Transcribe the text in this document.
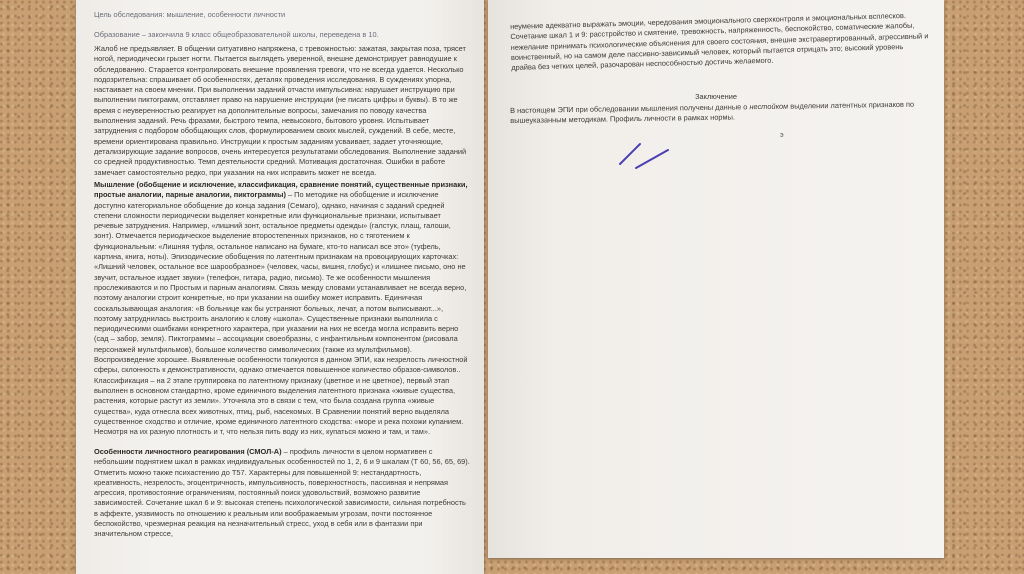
Цель обследования: мышление, особенности личности

Образование – закончила 9 класс общеобразовательной школы, переведена в 10.

Жалоб не предъявляет. В общении ситуативно напряжена, с тревожностью: зажатая, закрытая поза, трясет ногой, периодически грызет ногти. Пытается выглядеть уверенной, внешне демонстрирует равнодушие к обследованию. Старается контролировать внешние проявления тревоги, что не всегда удается. Несколько подозрительна: спрашивает об особенностях, деталях проведения исследования. В суждениях упорна, настаивает на своем мнении. При выполнении заданий отчасти импульсивна: нарушает инструкцию при выполнении пиктограмм, отставляет право на нарушение инструкции (не писать цифры и буквы). В то же время с неуверенностью реагирует на дополнительные вопросы, замечания по поводу качества выполнения заданий. Речь фразами, быстрого темпа, невысокого, бытового уровня. Испытывает затруднения с подбором обобщающих слов, формулированием своих мыслей, суждений. В себе, месте, времени ориентирована правильно. Инструкции к простым заданиям усваивает, задает уточняющие, детализирующие задание вопросов, очень интересуется результатами обследования. Выполнение заданий со средней продуктивностью. Темп деятельности средний. Мотивация достаточная. Ошибки в работе замечает самостоятельно редко, при указании на них исправить может не всегда.

Мышление (обобщение и исключение, классификация, сравнение понятий, существенные признаки, простые аналогии, парные аналогии, пиктограммы) – По методике на обобщение и исключение доступно категориальное обобщение до конца задания (Семаго), однако, начиная с заданий средней степени сложности периодически выделяет конкретные или функциональные признаки, испытывает речевые затруднения. Например, «лишний зонт, остальное предметы одежды» (галстук, плащ, галоши, зонт). Отмечается периодическое выделение второстепенных признаков, но с тяготением к функциональным: «Лишняя туфля, остальное написано на бумаге, кто-то написал все это» (туфель, картина, книга, ноты). Эпизодические обобщения по латентным признакам на провоцирующих карточках: «Лишний человек, остальное все шарообразное» (человек, часы, вишня, глобус) и «лишнее письмо, оно не звучит, остальное издает звуки» (телефон, гитара, радио, письмо). Те же особенности мышления прослеживаются и по Простым и парным аналогиям. Связь между словами устанавливает не всегда верно, поэтому аналогии строит конкретные, но при указании на ошибку может исправить. Единичная соскальзывающая аналогия: «В больнице как бы устраняют больных, лечат, а потом выписывают...», поэтому затруднилась выстроить аналогию к слову «школа». Существенные признаки выполнила с периодическими ошибками конкретного характера, при указании на них не всегда могла исправить верно (сад – забор, земля). Пиктограммы – ассоциации своеобразны, с инфантильным компонентом (рисовала персонажей мультфильмов), большое количество символических (также из мультфильмов). Воспроизведение хорошее. Выявленные особенности толкуются в данном ЭПИ, как незрелость личностной сферы, склонность к демонстративности, однако отмечается повышенное количество образов-символов.. Классификация – на 2 этапе группировка по латентному признаку (цветное и не цветное), первый этап выполнен в основном стандартно, кроме единичного выделения латентного признака «живые существа, растения, которые растут из земли». Уточняла это в связи с тем, что была создана группа «живые существа», куда отнесла всех животных, птиц, рыб, насекомых. В Сравнении понятий верно выделяла существенное сходство и отличие, кроме единичного латентного сходства: «море и река похожи купанием. Несмотря на их разную плотность и т, что нельзя пить воду из них, купаться можно и там, и там».

Особенности личностного реагирования (СМОЛ-А) – профиль личности в целом нормативен с небольшим поднятием шкал в рамках индивидуальных особенностей по 1, 2, 6 и 9 шкалам (Т 60, 56, 65, 69). Отметить можно также психастению до Т57. Характерны для повышенной 9: нестандартность, креативность, незрелость, эгоцентричность, импульсивность, поверхностность, пассивная и непрямая агрессия, противостояние ограничениям, постоянный поиск удовольствий, возможно развитие зависимостей. Сочетание шкал 6 и 9: высокая степень психологической зависимости, сильная потребность в аффекте, уязвимость по отношению к реальным или воображаемым угрозам, почти постоянное беспокойство, чрезмерная реакция на незначительный стресс, уход в себя или в фантазии при значительном стрессе,

неумение адекватно выражать эмоции, чередования эмоционального сверхконтроля и эмоциональных всплесков. Сочетание шкал 1 и 9: расстройство и смятение, тревожность, напряженность, беспокойство, соматические жалобы, нежелание принимать психологические объяснения для своего состояния, внешне экстравертированный, агрессивный и воинственный, но на самом деле пассивно-зависимый человек, который пытается отрицать это; высокий уровень драйва без четких целей, разочарован неспособностью достичь желаемого.

Заключение

В настоящем ЭПИ при обследовании мышления получены данные о нестойком выделении латентных признаков по вышеуказанным методикам. Профиль личности в рамках нормы.

э
